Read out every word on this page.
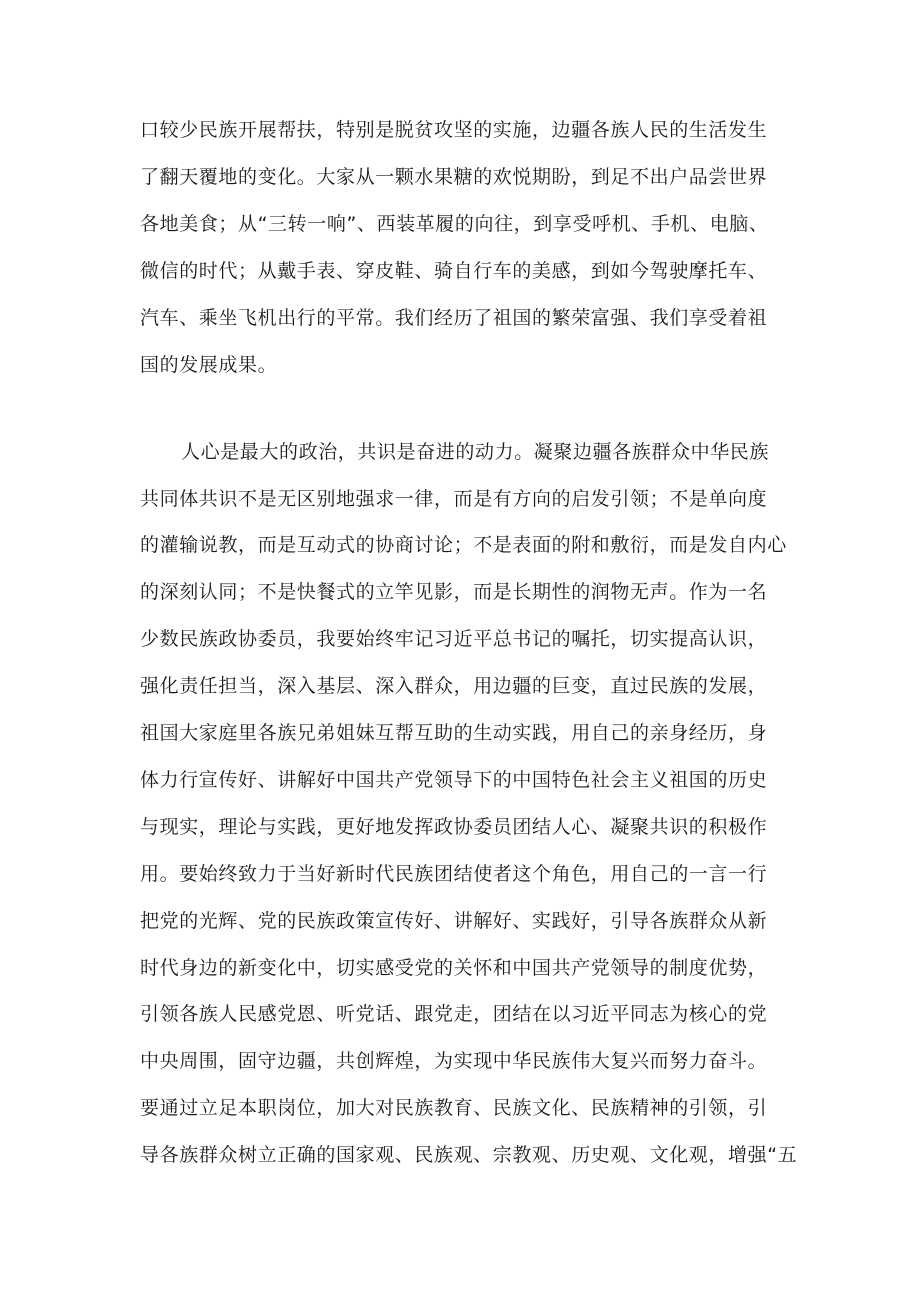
口较少民族开展帮扶，特别是脱贫攻坚的实施，边疆各族人民的生活发生
了翻天覆地的变化。大家从一颗水果糖的欢悦期盼，到足不出户品尝世界
各地美食；从“三转一响”、西装革履的向往，到享受呼机、手机、电脑、
微信的时代；从戴手表、穿皮鞋、骑自行车的美感，到如今驾驶摩托车、
汽车、乘坐飞机出行的平常。我们经历了祖国的繁荣富强、我们享受着祖
国的发展成果。
人心是最大的政治，共识是奋进的动力。凝聚边疆各族群众中华民族
共同体共识不是无区别地强求一律，而是有方向的启发引领；不是单向度
的灌输说教，而是互动式的协商讨论；不是表面的附和敷衍，而是发自内心
的深刻认同；不是快餐式的立竿见影，而是长期性的润物无声。作为一名
少数民族政协委员，我要始终牢记习近平总书记的嘱托，切实提高认识，
强化责任担当，深入基层、深入群众，用边疆的巨变，直过民族的发展，
祖国大家庭里各族兄弟姐妹互帮互助的生动实践，用自己的亲身经历，身
体力行宣传好、讲解好中国共产党领导下的中国特色社会主义祖国的历史
与现实，理论与实践，更好地发挥政协委员团结人心、凝聚共识的积极作
用。要始终致力于当好新时代民族团结使者这个角色，用自己的一言一行
把党的光辉、党的民族政策宣传好、讲解好、实践好，引导各族群众从新
时代身边的新变化中，切实感受党的关怀和中国共产党领导的制度优势，
引领各族人民感党恩、听党话、跟党走，团结在以习近平同志为核心的党
中央周围，固守边疆，共创辉煌，为实现中华民族伟大复兴而努力奋斗。
要通过立足本职岗位，加大对民族教育、民族文化、民族精神的引领，引
导各族群众树立正确的国家观、民族观、宗教观、历史观、文化观，增强“五
